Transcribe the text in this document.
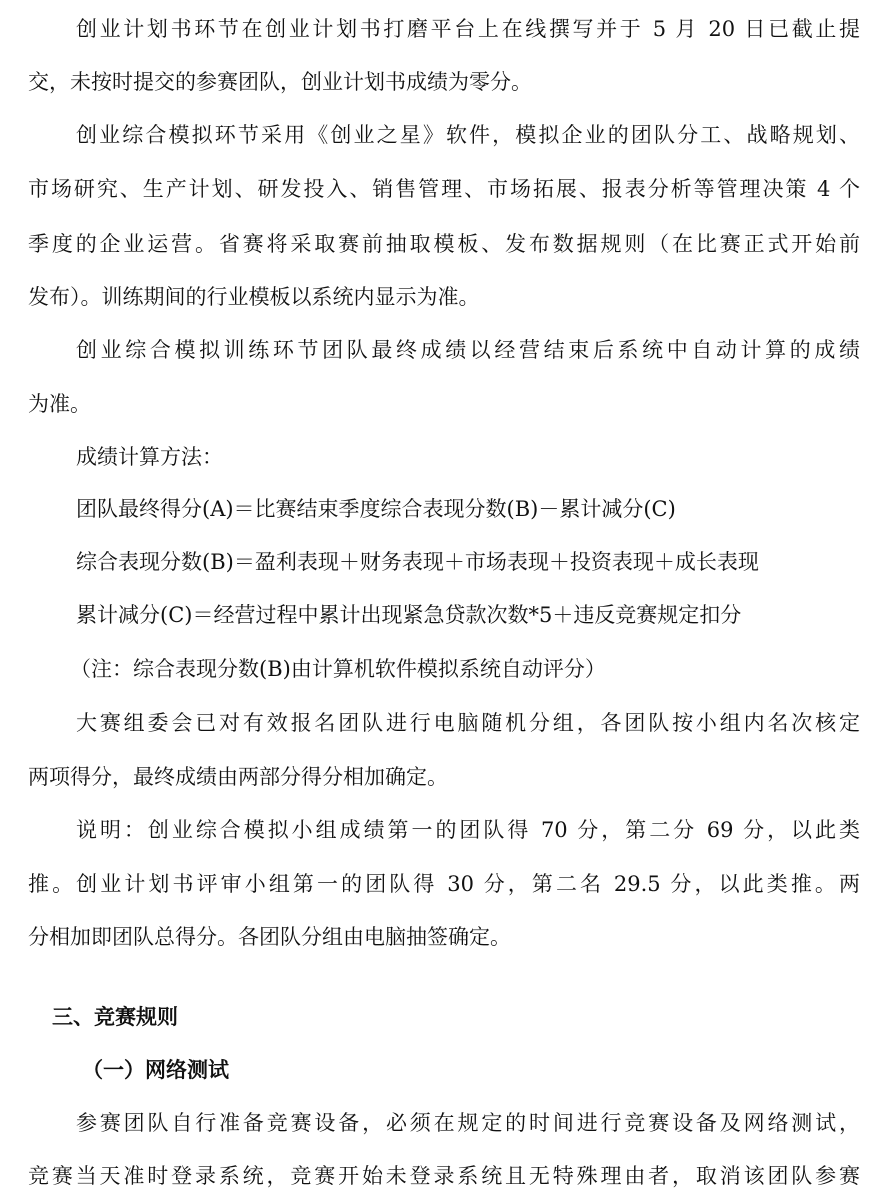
创业计划书环节在创业计划书打磨平台上在线撰写并于 5 月 20 日已截止提
交，未按时提交的参赛团队，创业计划书成绩为零分。
创业综合模拟环节采用《创业之星》软件，模拟企业的团队分工、战略规划、
市场研究、生产计划、研发投入、销售管理、市场拓展、报表分析等管理决策 4 个
季度的企业运营。省赛将采取赛前抽取模板、发布数据规则（在比赛正式开始前
发布）。训练期间的行业模板以系统内显示为准。
创业综合模拟训练环节团队最终成绩以经营结束后系统中自动计算的成绩
为准。
成绩计算方法：
团队最终得分(A)＝比赛结束季度综合表现分数(B)－累计减分(C)
综合表现分数(B)＝盈利表现＋财务表现＋市场表现＋投资表现＋成长表现
累计减分(C)＝经营过程中累计出现紧急贷款次数*5＋违反竞赛规定扣分
（注：综合表现分数(B)由计算机软件模拟系统自动评分）
大赛组委会已对有效报名团队进行电脑随机分组，各团队按小组内名次核定
两项得分，最终成绩由两部分得分相加确定。
说明：创业综合模拟小组成绩第一的团队得 70 分，第二分 69 分，以此类
推。创业计划书评审小组第一的团队得 30 分，第二名 29.5 分，以此类推。两
分相加即团队总得分。各团队分组由电脑抽签确定。
三、竞赛规则
（一）网络测试
参赛团队自行准备竞赛设备，必须在规定的时间进行竞赛设备及网络测试，
竞赛当天准时登录系统，竞赛开始未登录系统且无特殊理由者，取消该团队参赛
